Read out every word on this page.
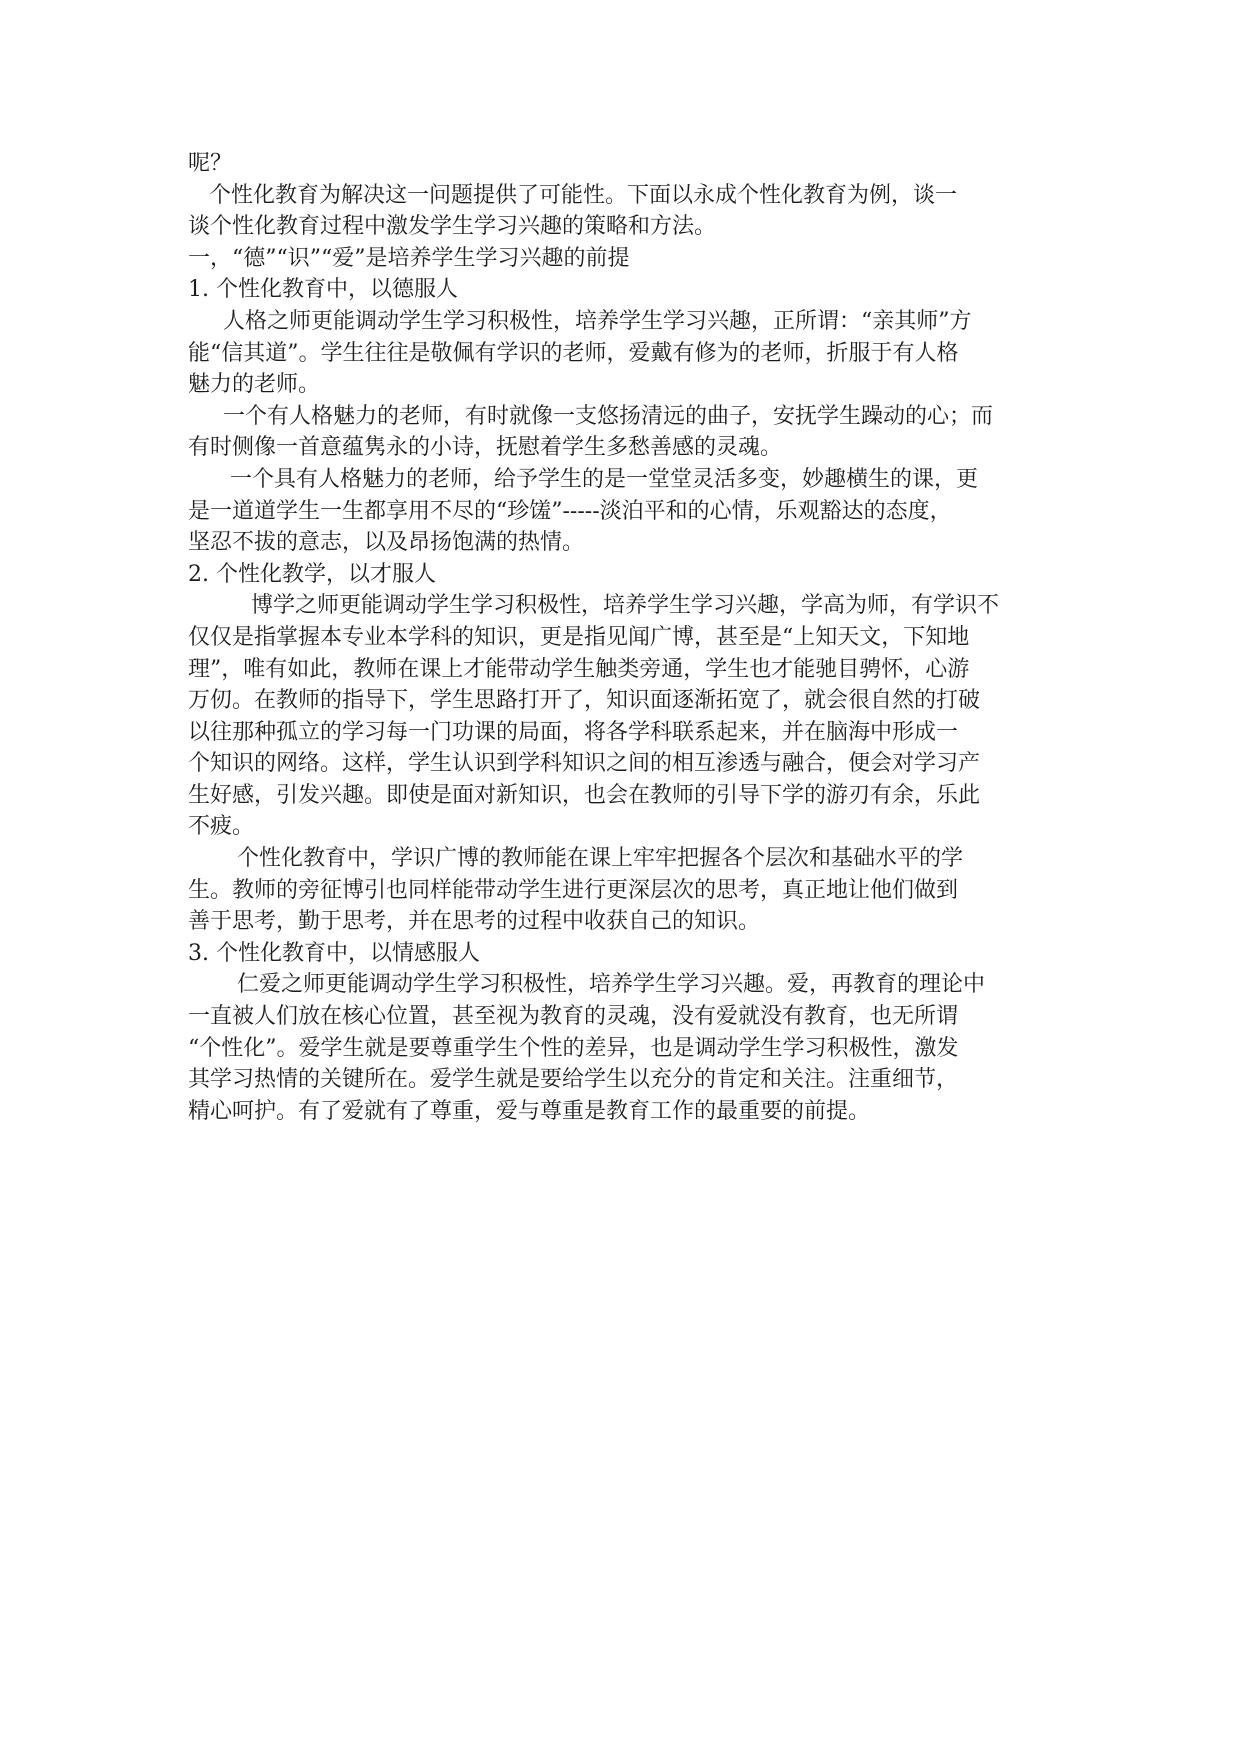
呢？
个性化教育为解决这一问题提供了可能性。下面以永成个性化教育为例，谈一
谈个性化教育过程中激发学生学习兴趣的策略和方法。
一，“德”“识”“爱”是培养学生学习兴趣的前提
1. 个性化教育中，以德服人
人格之师更能调动学生学习积极性，培养学生学习兴趣，正所谓：“亲其师”方
能“信其道”。学生往往是敬佩有学识的老师，爱戴有修为的老师，折服于有人格
魅力的老师。
一个有人格魅力的老师，有时就像一支悠扬清远的曲子，安抚学生躁动的心；而
有时侧像一首意蕴隽永的小诗，抚慰着学生多愁善感的灵魂。
一个具有人格魅力的老师，给予学生的是一堂堂灵活多变，妙趣横生的课，更
是一道道学生一生都享用不尽的“珍馐”-----淡泊平和的心情，乐观豁达的态度，
坚忍不拔的意志，以及昂扬饱满的热情。
2. 个性化教学，以才服人
博学之师更能调动学生学习积极性，培养学生学习兴趣，学高为师，有学识不
仅仅是指掌握本专业本学科的知识，更是指见闻广博，甚至是“上知天文，下知地
理”，唯有如此，教师在课上才能带动学生触类旁通，学生也才能驰目骋怀，心游
万仞。在教师的指导下，学生思路打开了，知识面逐渐拓宽了，就会很自然的打破
以往那种孤立的学习每一门功课的局面，将各学科联系起来，并在脑海中形成一
个知识的网络。这样，学生认识到学科知识之间的相互渗透与融合，便会对学习产
生好感，引发兴趣。即使是面对新知识，也会在教师的引导下学的游刃有余，乐此
不疲。
个性化教育中，学识广博的教师能在课上牢牢把握各个层次和基础水平的学
生。教师的旁征博引也同样能带动学生进行更深层次的思考，真正地让他们做到
善于思考，勤于思考，并在思考的过程中收获自己的知识。
3. 个性化教育中，以情感服人
仁爱之师更能调动学生学习积极性，培养学生学习兴趣。爱，再教育的理论中
一直被人们放在核心位置，甚至视为教育的灵魂，没有爱就没有教育，也无所谓
“个性化”。爱学生就是要尊重学生个性的差异，也是调动学生学习积极性，激发
其学习热情的关键所在。爱学生就是要给学生以充分的肯定和关注。注重细节，
精心呵护。有了爱就有了尊重，爱与尊重是教育工作的最重要的前提。
